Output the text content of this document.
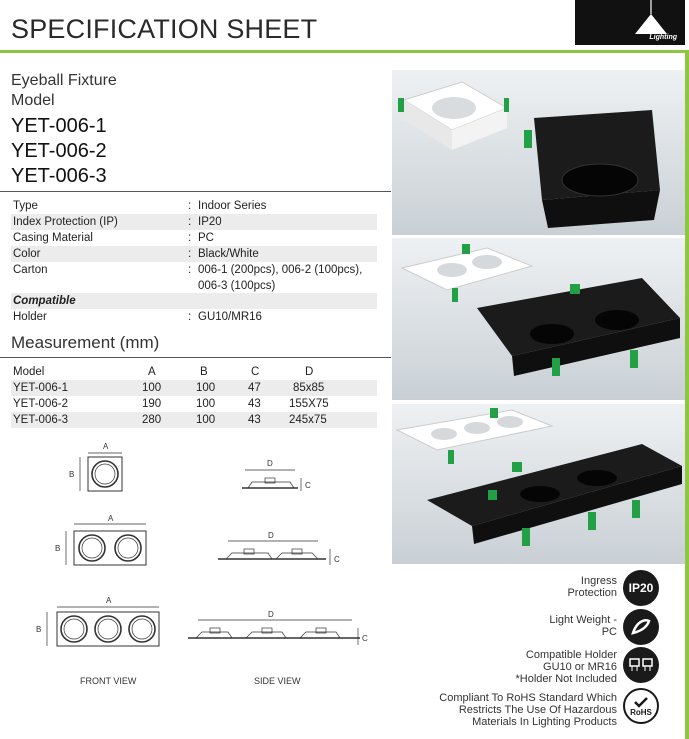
SPECIFICATION SHEET	Lighting
Eyeball Fixture
Model
YET-006-1
YET-006-2
YET-006-3
Type	: Indoor Series
Index Protection (IP)	: IP20
Casing Material	: PC
Color	: Black/White
Carton	: 006-1 (200pcs), 006-2 (100pcs),
006-3 (100pcs)
Compatible
Holder	: GU10/MR16
Measurement (mm)
Model	A	B	C	D
YET-006-1	100	100	47	85x85
YET-006-2	190	100	43 155X75
YET-006-3	280	100	43 245x75
A
B
A
B
A
B
D
C
D
C
D
C
FRONT VIEW	SIDE VIEW
Ingress
Protection IP20
Light Weight -
PC
Compatible Holder
GU10 or MR16
*Holder Not Included
Compliant To RoHS Standard Which
Restricts The Use Of Hazardous
Materials In Lighting Products
RoHS
